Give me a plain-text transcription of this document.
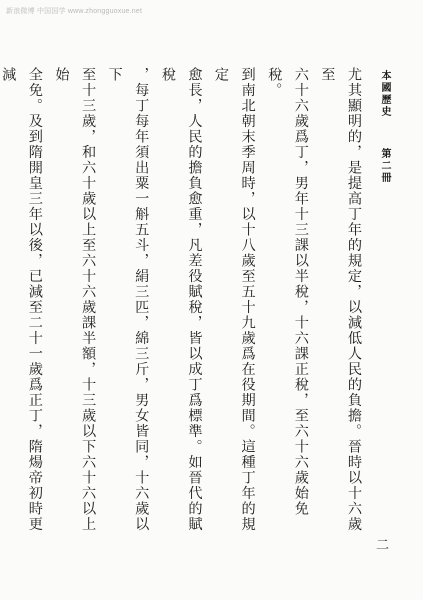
新浪微博 中国国学 www.zhongguoxue.net
本國歷史
第二冊
二
尤其顯明的，是提高丁年的規定，以減低人民的負擔。晉時以十六歲至
六十六歲爲丁，男年十三課以半稅，十六課正稅，至六十六歲始免稅。
到南北朝末季周時，以十八歲至五十九歲爲在役期間。這種丁年的規定
愈長，人民的擔負愈重，凡差役賦稅，皆以成丁爲標準。如晉代的賦稅
，每丁每年須出粟一斛五斗，絹三匹，綿三斤，男女皆同，十六歲以下
至十三歲，和六十歲以上至六十六歲課半額，十三歲以下六十六以上始
全免。及到隋開皇三年以後，已減至二十一歲爲正丁，隋煬帝初時更減
